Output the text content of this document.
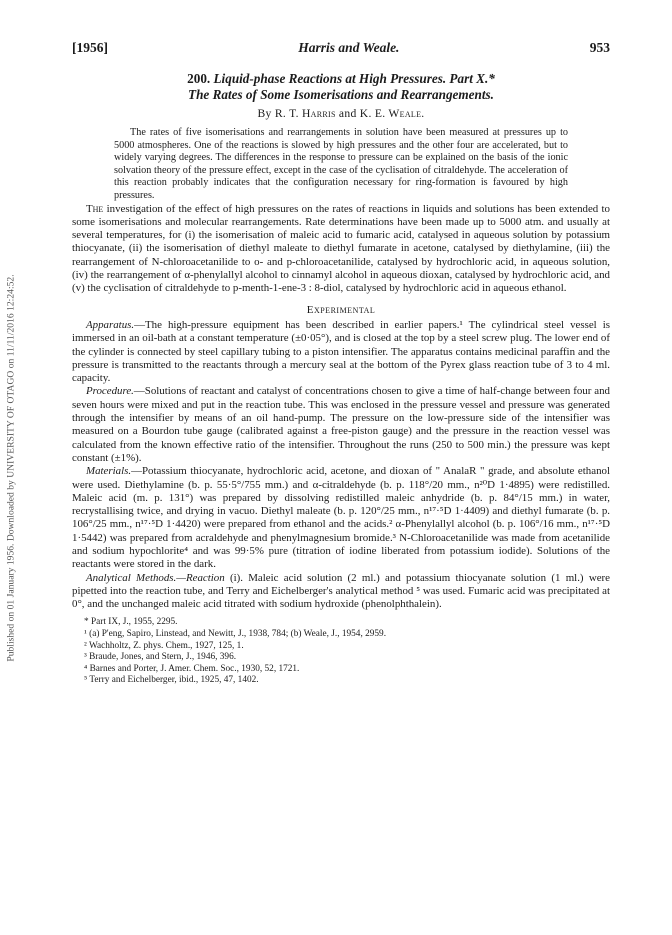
Published on 01 January 1956. Downloaded by UNIVERSITY OF OTAGO on 11/11/2016 12:24:52.
[1956]	Harris and Weale.	953
200. Liquid-phase Reactions at High Pressures. Part X.*
The Rates of Some Isomerisations and Rearrangements.
By R. T. Harris and K. E. Weale.
The rates of five isomerisations and rearrangements in solution have been measured at pressures up to 5000 atmospheres. One of the reactions is slowed by high pressures and the other four are accelerated, but to widely varying degrees. The differences in the response to pressure can be explained on the basis of the ionic solvation theory of the pressure effect, except in the case of the cyclisation of citraldehyde. The acceleration of this reaction probably indicates that the configuration necessary for ring-formation is favoured by high pressures.

The investigation of the effect of high pressures on the rates of reactions in liquids and solutions has been extended to some isomerisations and molecular rearrangements. Rate determinations have been made up to 5000 atm. and usually at several temperatures, for (i) the isomerisation of maleic acid to fumaric acid, catalysed in aqueous solution by potassium thiocyanate, (ii) the isomerisation of diethyl maleate to diethyl fumarate in acetone, catalysed by diethylamine, (iii) the rearrangement of N-chloroacetanilide to o- and p-chloroacetanilide, catalysed by hydrochloric acid, in aqueous solution, (iv) the rearrangement of α-phenylallyl alcohol to cinnamyl alcohol in aqueous dioxan, catalysed by hydrochloric acid, and (v) the cyclisation of citraldehyde to p-menth-1-ene-3 : 8-diol, catalysed by hydrochloric acid in aqueous ethanol.

Experimental

Apparatus.—The high-pressure equipment has been described in earlier papers.¹ The cylindrical steel vessel is immersed in an oil-bath at a constant temperature (±0·05°), and is closed at the top by a steel screw plug. The lower end of the cylinder is connected by steel capillary tubing to a piston intensifier. The apparatus contains medicinal paraffin and the pressure is transmitted to the reactants through a mercury seal at the bottom of the Pyrex glass reaction tube of 3 to 4 ml. capacity.

Procedure.—Solutions of reactant and catalyst of concentrations chosen to give a time of half-change between four and seven hours were mixed and put in the reaction tube. This was enclosed in the pressure vessel and pressure was generated through the intensifier by means of an oil hand-pump. The pressure on the low-pressure side of the intensifier was measured on a Bourdon tube gauge (calibrated against a free-piston gauge) and the pressure in the reaction vessel was calculated from the known effective ratio of the intensifier. Throughout the runs (250 to 500 min.) the pressure was kept constant (±1%).

Materials.—Potassium thiocyanate, hydrochloric acid, acetone, and dioxan of " AnalaR " grade, and absolute ethanol were used. Diethylamine (b. p. 55·5°/755 mm.) and α-citraldehyde (b. p. 118°/20 mm., n²⁰D 1·4895) were redistilled. Maleic acid (m. p. 131°) was prepared by dissolving redistilled maleic anhydride (b. p. 84°/15 mm.) in water, recrystallising twice, and drying in vacuo. Diethyl maleate (b. p. 120°/25 mm., n¹⁷·⁵D 1·4409) and diethyl fumarate (b. p. 106°/25 mm., n¹⁷·⁵D 1·4420) were prepared from ethanol and the acids.² α-Phenylallyl alcohol (b. p. 106°/16 mm., n¹⁷·⁵D 1·5442) was prepared from acraldehyde and phenylmagnesium bromide.³ N-Chloroacetanilide was made from acetanilide and sodium hypochlorite⁴ and was 99·5% pure (titration of iodine liberated from potassium iodide). Solutions of the reactants were stored in the dark.

Analytical Methods.—Reaction (i). Maleic acid solution (2 ml.) and potassium thiocyanate solution (1 ml.) were pipetted into the reaction tube, and Terry and Eichelberger's analytical method ⁵ was used. Fumaric acid was precipitated at 0°, and the unchanged maleic acid titrated with sodium hydroxide (phenolphthalein).

* Part IX, J., 1955, 2295.
¹ (a) P'eng, Sapiro, Linstead, and Newitt, J., 1938, 784; (b) Weale, J., 1954, 2959.
² Wachholtz, Z. phys. Chem., 1927, 125, 1.
³ Braude, Jones, and Stern, J., 1946, 396.
⁴ Barnes and Porter, J. Amer. Chem. Soc., 1930, 52, 1721.
⁵ Terry and Eichelberger, ibid., 1925, 47, 1402.
